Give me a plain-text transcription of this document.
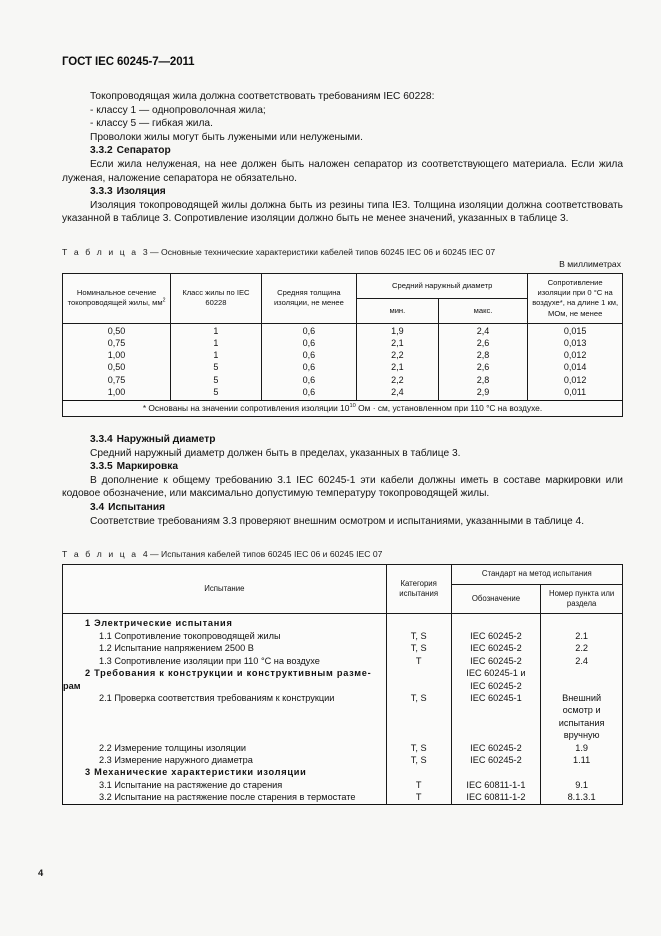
ГОСТ IEC 60245-7—2011

Токопроводящая жила должна соответствовать требованиям IEC 60228:

- классу 1 — однопроволочная жила;

- классу 5 — гибкая жила.

Проволоки жилы могут быть лужеными или нелужеными.

3.3.2 Сепаратор

Если жила нелуженая, на нее должен быть наложен сепаратор из соответствующего материала. Если жила луженая, наложение сепаратора не обязательно.

3.3.3 Изоляция

Изоляция токопроводящей жилы должна быть из резины типа IE3. Толщина изоляции должна соответствовать указанной в таблице 3. Сопротивление изоляции должно быть не менее значений, указанных в таблице 3.

Т а б л и ц а 3 — Основные технические характеристики кабелей типов 60245 IEC 06 и 60245 IEC 07

В миллиметрах
Номинальное сечение токопроводящей жилы, $мм^2$	Класс жилы по IEC 60228	Средняя толщина изоляции, не менее	Средний наружный диаметр		Сопротивление изоляции при 0 °С на воздухе*, на длине 1 км, МОм, не менее
			мин.	макс.	
0,50	1	0,6	1,9	2,4	0,015
0,75	1	0,6	2,1	2,6	0,013
1,00	1	0,6	2,2	2,8	0,012
0,50	5	0,6	2,1	2,6	0,014
0,75	5	0,6	2,2	2,8	0,012
1,00	5	0,6	2,4	2,9	0,011
* Основаны на значении сопротивления изоляции $10^{10}$ Ом · см, установленном при 110 °С на воздухе.					

3.3.4 Наружный диаметр

Средний наружный диаметр должен быть в пределах, указанных в таблице 3.

3.3.5 Маркировка

В дополнение к общему требованию 3.1 IEC 60245-1 эти кабели должны иметь в составе маркировки или кодовое обозначение, или максимально допустимую температуру токопроводящей жилы.

3.4 Испытания

Соответствие требованиям 3.3 проверяют внешним осмотром и испытаниями, указанными в таблице 4.

Т а б л и ц а 4 — Испытания кабелей типов 60245 IEC 06 и 60245 IEC 07

Испытание	Категория испытания	Стандарт на метод испытания	
		Обозначение	Номер пункта или раздела

1 Электрические испытания			

1.1 Сопротивление токопроводящей жилы	T, S	IEC 60245-2	2.1

1.2 Испытание напряжением 2500 В	T, S	IEC 60245-2	2.2

1.3 Сопротивление изоляции при 110 °С на воздухе	T	IEC 60245-2	2.4

2 Требования к конструкции и конструктивным разме-		IEC 60245-1 и	

рам		IEC 60245-2	

2.1 Проверка соответствия требованиям к конструкции	T, S	IEC 60245-1	Внешний

			осмотр и

			испытания

			вручную

2.2 Измерение толщины изоляции	T, S	IEC 60245-2	1.9

2.3 Измерение наружного диаметра	T, S	IEC 60245-2	1.11

3 Механические характеристики изоляции			

3.1 Испытание на растяжение до старения	T	IEC 60811-1-1	9.1

3.2 Испытание на растяжение после старения в термостате	T	IEC 60811-1-2	8.1.3.1
4
